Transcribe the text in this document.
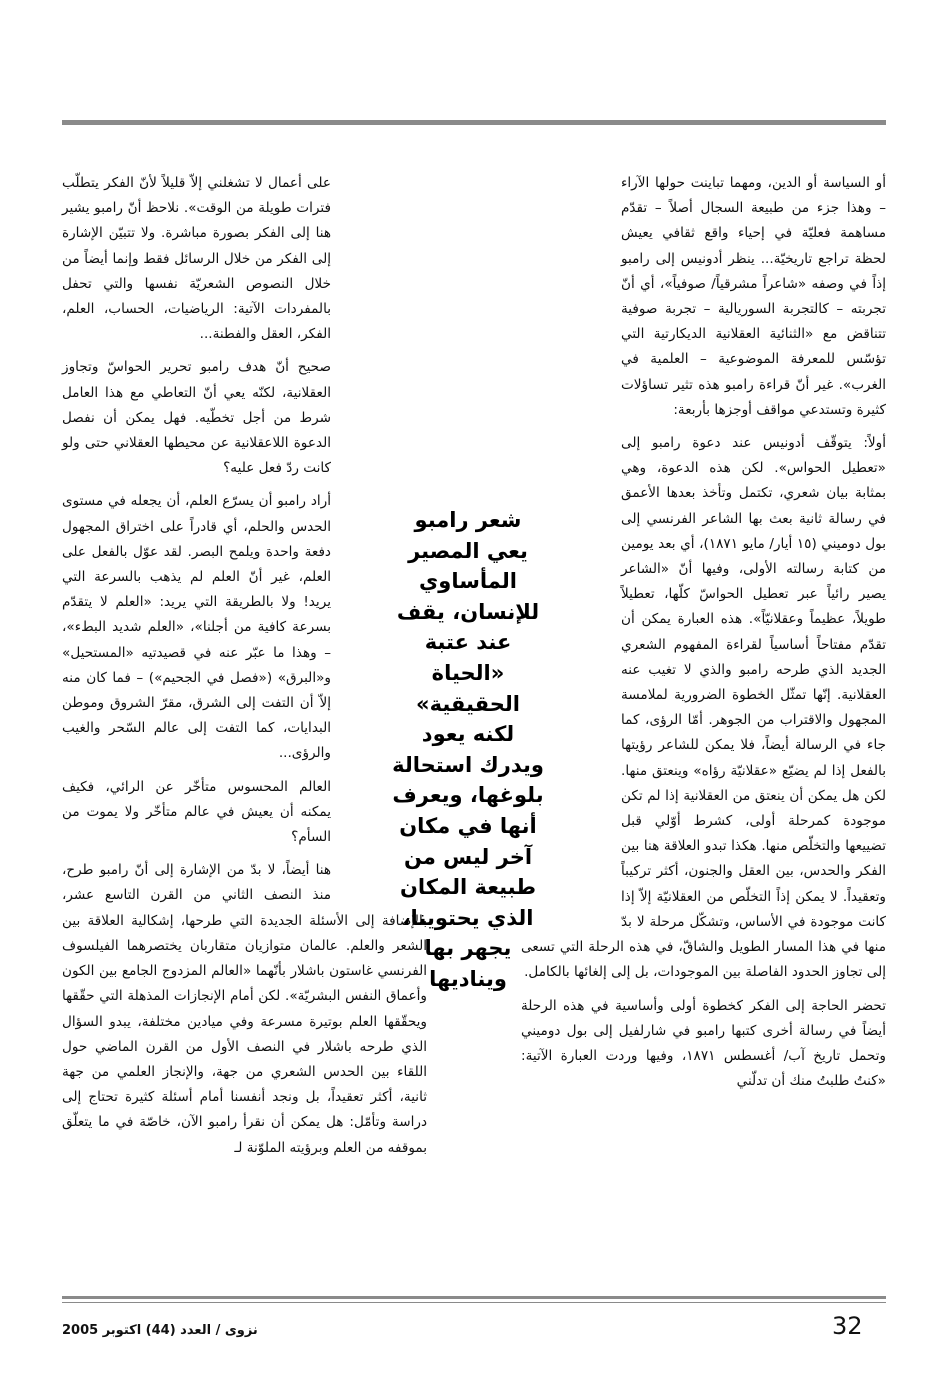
أو السياسة أو الدين، ومهما تباينت حولها الآراء – وهذا جزء من طبيعة السجال أصلاً – تقدّم مساهمة فعليّة في إحياء واقع ثقافي يعيش لحظة تراجع تاريخيّة... ينظر أدونيس إلى رامبو إذاً في وصفه «شاعراً مشرقياً/ صوفياً»، أي أنّ تجربته – كالتجربة السوريالية – تجربة صوفية تتناقض مع «الثنائية العقلانية الديكارتية التي تؤسّس للمعرفة الموضوعية – العلمية في الغرب». غير أنّ قراءة رامبو هذه تثير تساؤلات كثيرة وتستدعي مواقف أوجزها بأربعة:

أولاً: يتوقّف أدونيس عند دعوة رامبو إلى «تعطيل الحواس». لكن هذه الدعوة، وهي بمثابة بيان شعري، تكتمل وتأخذ بعدها الأعمق في رسالة ثانية بعث بها الشاعر الفرنسي إلى بول دوميني (١٥ أيار/ مايو ١٨٧١)، أي بعد يومين من كتابة رسالته الأولى، وفيها أنّ «الشاعر يصير رائياً عبر تعطيل الحواسّ كلّها، تعطيلاً طويلاً، عظيماً وعقلانيّاً». هذه العبارة يمكن أن تقدّم مفتاحاً أساسياً لقراءة المفهوم الشعري الجديد الذي طرحه رامبو والذي لا تغيب عنه العقلانية. إنّها تمثّل الخطوة الضرورية لملامسة المجهول والاقتراب من الجوهر. أمّا الرؤى، كما جاء في الرسالة أيضاً، فلا يمكن للشاعر رؤيتها بالفعل إذا لم يضيّع «عقلانيّة رؤاه» وينعتق منها. لكن هل يمكن أن ينعتق من العقلانية إذا لم تكن موجودة كمرحلة أولى، كشرط أوّلي قبل تضييعها والتخلّص منها. هكذا تبدو العلاقة هنا بين الفكر والحدس، بين العقل والجنون، أكثر تركيباً وتعقيداً. لا يمكن إذاً التخلّص من العقلانيّة إلاّ إذا كانت موجودة في الأساس، وتشكّل مرحلة لا بدّ منها في هذا المسار الطويل والشاقّ، في هذه الرحلة التي تسعى إلى تجاوز الحدود الفاصلة بين الموجودات، بل إلى إلغائها بالكامل.

تحضر الحاجة إلى الفكر كخطوة أولى وأساسية في هذه الرحلة أيضاً في رسالة أخرى كتبها رامبو في شارلفيل إلى بول دوميني وتحمل تاريخ آب/ أغسطس ١٨٧١، وفيها وردت العبارة الآتية: «كنتُ طلبتُ منك أن تدلّني

على أعمال لا تشغلني إلاّ قليلاً لأنّ الفكر يتطلّب فترات طويلة من الوقت». نلاحظ أنّ رامبو يشير هنا إلى الفكر بصورة مباشرة. ولا تتبيّن الإشارة إلى الفكر من خلال الرسائل فقط وإنما أيضاً من خلال النصوص الشعريّة نفسها والتي تحفل بالمفردات الآتية: الرياضيات، الحساب، العلم، الفكر، العقل والفطنة...

صحيح أنّ هدف رامبو تحرير الحواسّ وتجاوز العقلانية، لكنّه يعي أنّ التعاطي مع هذا العامل شرط من أجل تخطّيه. فهل يمكن أن نفصل الدعوة اللاعقلانية عن محيطها العقلاني حتى ولو كانت ردّ فعل عليه؟

أراد رامبو أن يسرّع العلم، أن يجعله في مستوى الحدس والحلم، أي قادراً على اختراق المجهول دفعة واحدة ويلمح البصر. لقد عوّل بالفعل على العلم، غير أنّ العلم لم يذهب بالسرعة التي يريد! ولا بالطريقة التي يريد: «العلم لا يتقدّم بسرعة كافية من أجلنا»، «العلم شديد البطء»، – وهذا ما عبّر عنه في قصيدتيه «المستحيل» و«البرق» («فصل في الجحيم») – فما كان منه إلاّ أن التفت إلى الشرق، مقرّ الشروق وموطن البدايات، كما التفت إلى عالم السّحر والغيب والرؤى...

العالم المحسوس متأخّر عن الرائي، فكيف يمكنه أن يعيش في عالم متأخّر ولا يموت من السأم؟

هنا أيضاً، لا بدّ من الإشارة إلى أنّ رامبو طرح، منذ النصف الثاني من القرن التاسع عشر، بالإضافة إلى الأسئلة الجديدة التي طرحها، إشكالية العلاقة بين الشعر والعلم. عالمان متوازيان متقاربان يختصرهما الفيلسوف الفرنسي غاستون باشلار بأنّهما «العالم المزدوج الجامع بين الكون وأعماق النفس البشريّة». لكن أمام الإنجازات المذهلة التي حقّقها ويحقّقها العلم بوتيرة مسرعة وفي ميادين مختلفة، يبدو السؤال الذي طرحه باشلار في النصف الأول من القرن الماضي حول اللقاء بين الحدس الشعري من جهة، والإنجاز العلمي من جهة ثانية، أكثر تعقيداً، بل ونجد أنفسنا أمام أسئلة كثيرة تحتاج إلى دراسة وتأمّل: هل يمكن أن نقرأ رامبو الآن، خاصّة في ما يتعلّق بموقفه من العلم وبرؤيته الملوّنة لـ

شعر رامبو يعي المصير المأساوي للإنسان، يقف عند عتبة «الحياة الحقيقية» لكنه يعود ويدرك استحالة بلوغها، ويعرف أنها في مكان آخر ليس من طبيعة المكان الذي يحتوينا، يجهر بها ويناديها
نزوى / العدد (44) اكتوبر 2005	32
